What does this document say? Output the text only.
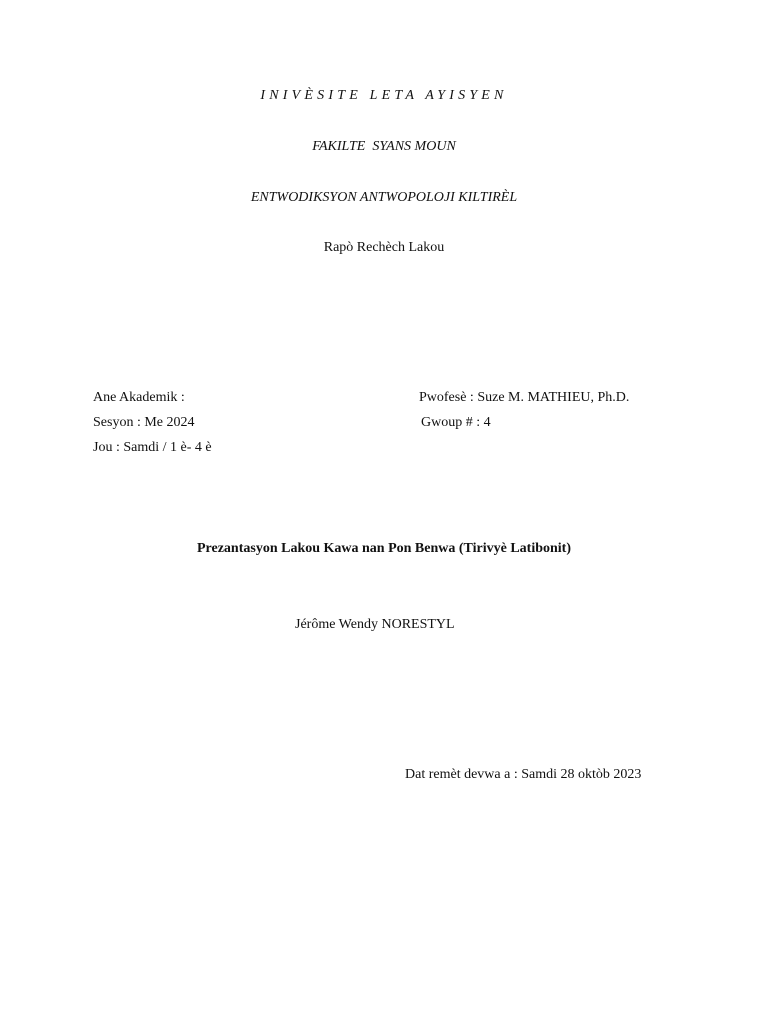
INIVÈSITE LETA AYISYEN
FAKILTE  SYANS MOUN
ENTWODIKSYON ANTWOPOLOJI KILTIRÈL
Rapò Rechèch Lakou
Ane Akademik :
Sesyon : Me 2024
Jou : Samdi / 1 è- 4 è
Pwofesè : Suze M. MATHIEU, Ph.D.
Gwoup # : 4
Prezantasyon Lakou Kawa nan Pon Benwa (Tirivyè Latibonit)
Jérôme Wendy NORESTYL
Dat remèt devwa a : Samdi 28 oktòb 2023
